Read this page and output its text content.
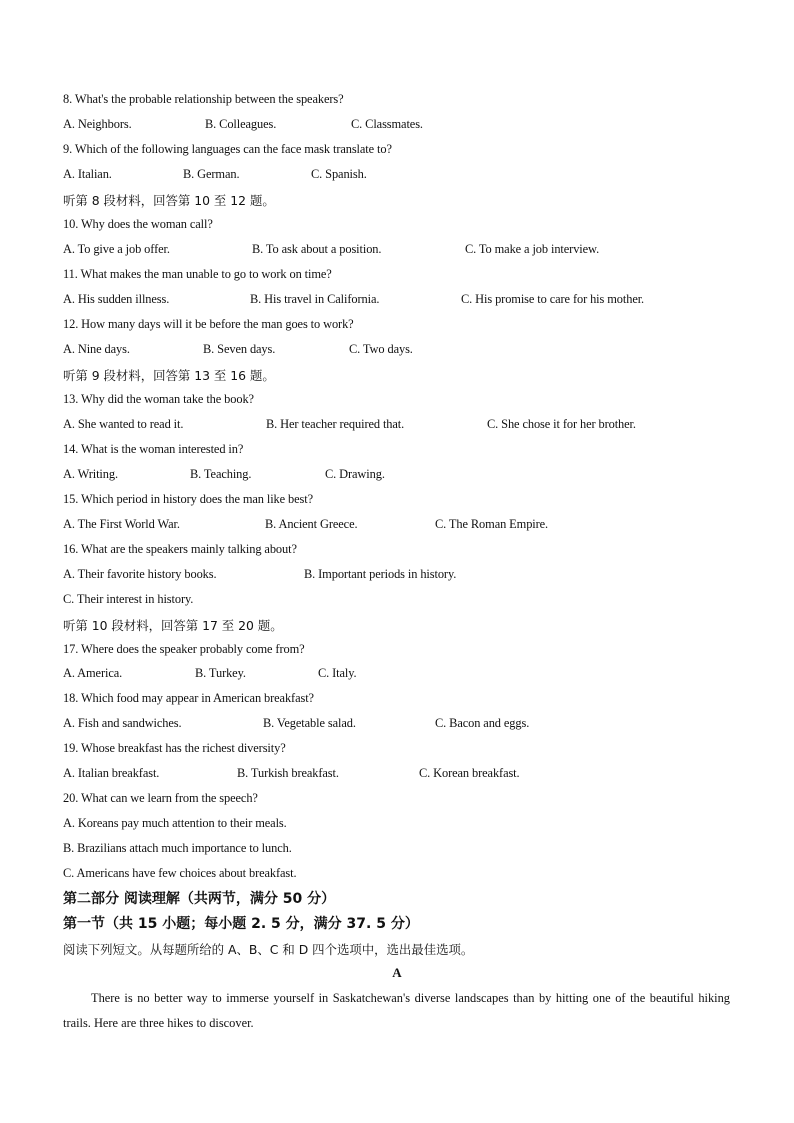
8. What's the probable relationship between the speakers?
A. Neighbors.	B. Colleagues.	C. Classmates.
9. Which of the following languages can the face mask translate to?
A. Italian.	B. German.	C. Spanish.
听第 8 段材料，回答第 10 至 12 题。
10. Why does the woman call?
A. To give a job offer.	B. To ask about a position.	C. To make a job interview.
11. What makes the man unable to go to work on time?
A. His sudden illness.	B. His travel in California.	C. His promise to care for his mother.
12. How many days will it be before the man goes to work?
A. Nine days.	B. Seven days.	C. Two days.
听第 9 段材料，回答第 13 至 16 题。
13. Why did the woman take the book?
A. She wanted to read it.	B. Her teacher required that.	C. She chose it for her brother.
14. What is the woman interested in?
A. Writing.	B. Teaching.	C. Drawing.
15. Which period in history does the man like best?
A. The First World War.	B. Ancient Greece.	C. The Roman Empire.
16. What are the speakers mainly talking about?
A. Their favorite history books.	B. Important periods in history.
C. Their interest in history.
听第 10 段材料，回答第 17 至 20 题。
17. Where does the speaker probably come from?
A. America.	B. Turkey.	C. Italy.
18. Which food may appear in American breakfast?
A. Fish and sandwiches.	B. Vegetable salad.	C. Bacon and eggs.
19. Whose breakfast has the richest diversity?
A. Italian breakfast.	B. Turkish breakfast.	C. Korean breakfast.
20. What can we learn from the speech?
A. Koreans pay much attention to their meals.
B. Brazilians attach much importance to lunch.
C. Americans have few choices about breakfast.
第二部分 阅读理解（共两节，满分 50 分）
第一节（共 15 小题；每小题 2. 5 分，满分 37. 5 分）
阅读下列短文。从每题所给的 A、B、C 和 D 四个选项中，选出最佳选项。
A
There is no better way to immerse yourself in Saskatchewan's diverse landscapes than by hitting one of the beautiful hiking trails. Here are three hikes to discover.
